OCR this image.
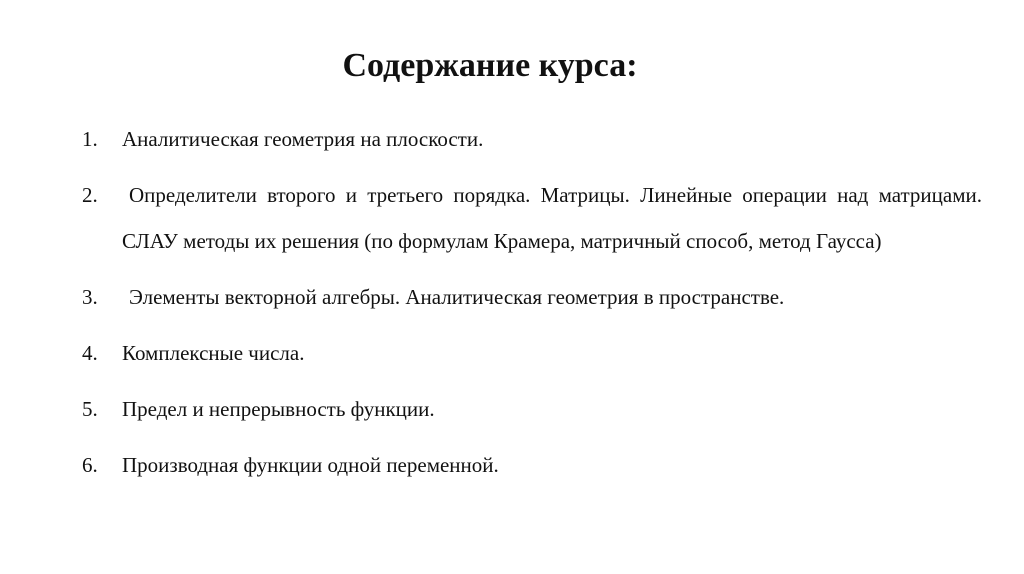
Содержание курса:
1.	Аналитическая геометрия на плоскости.
2.	Определители второго и третьего порядка. Матрицы. Линейные операции над матрицами. СЛАУ методы их решения (по формулам Крамера, матричный способ, метод Гаусса)
3.	Элементы векторной алгебры. Аналитическая геометрия в пространстве.
4.	Комплексные числа.
5.	Предел и непрерывность функции.
6.	Производная функции одной переменной.
